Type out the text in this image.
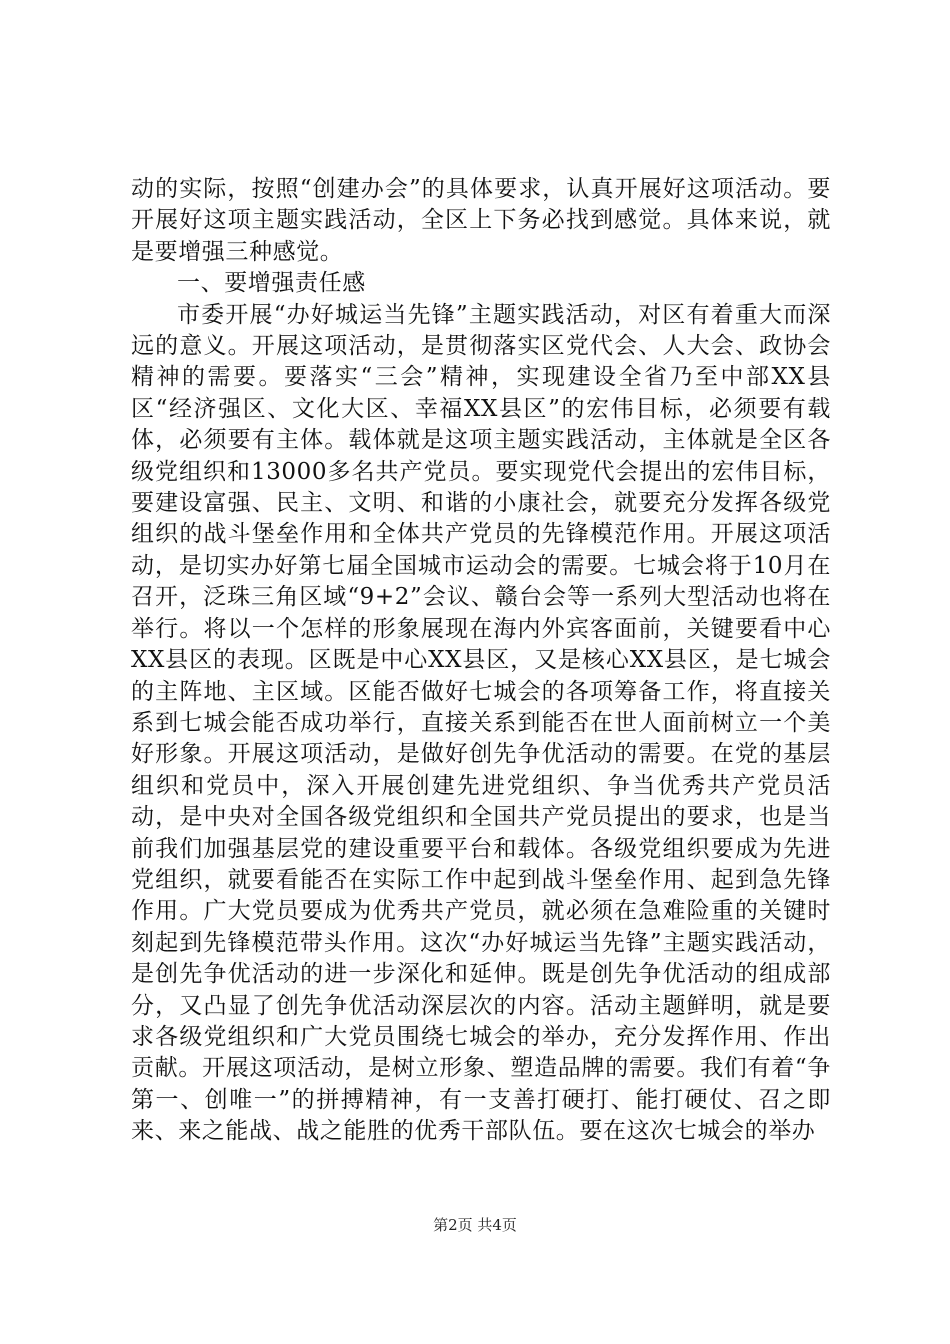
动的实际，按照“创建办会”的具体要求，认真开展好这项活动。要开展好这项主题实践活动，全区上下务必找到感觉。具体来说，就是要增强三种感觉。

一、要增强责任感

市委开展“办好城运当先锋”主题实践活动，对区有着重大而深远的意义。开展这项活动，是贯彻落实区党代会、人大会、政协会精神的需要。要落实“三会”精神，实现建设全省乃至中部XX县区“经济强区、文化大区、幸福XX县区”的宏伟目标，必须要有载体，必须要有主体。载体就是这项主题实践活动，主体就是全区各级党组织和13000多名共产党员。要实现党代会提出的宏伟目标，要建设富强、民主、文明、和谐的小康社会，就要充分发挥各级党组织的战斗堡垒作用和全体共产党员的先锋模范作用。开展这项活动，是切实办好第七届全国城市运动会的需要。七城会将于10月在召开，泛珠三角区域“9+2”会议、赣台会等一系列大型活动也将在举行。将以一个怎样的形象展现在海内外宾客面前，关键要看中心XX县区的表现。区既是中心XX县区，又是核心XX县区，是七城会的主阵地、主区域。区能否做好七城会的各项筹备工作，将直接关系到七城会能否成功举行，直接关系到能否在世人面前树立一个美好形象。开展这项活动，是做好创先争优活动的需要。在党的基层组织和党员中，深入开展创建先进党组织、争当优秀共产党员活动，是中央对全国各级党组织和全国共产党员提出的要求，也是当前我们加强基层党的建设重要平台和载体。各级党组织要成为先进党组织，就要看能否在实际工作中起到战斗堡垒作用、起到急先锋作用。广大党员要成为优秀共产党员，就必须在急难险重的关键时刻起到先锋模范带头作用。这次“办好城运当先锋”主题实践活动，是创先争优活动的进一步深化和延伸。既是创先争优活动的组成部分，又凸显了创先争优活动深层次的内容。活动主题鲜明，就是要求各级党组织和广大党员围绕七城会的举办，充分发挥作用、作出贡献。开展这项活动，是树立形象、塑造品牌的需要。我们有着“争第一、创唯一”的拼搏精神，有一支善打硬打、能打硬仗、召之即来、来之能战、战之能胜的优秀干部队伍。要在这次七城会的举办

第2页 共4页
